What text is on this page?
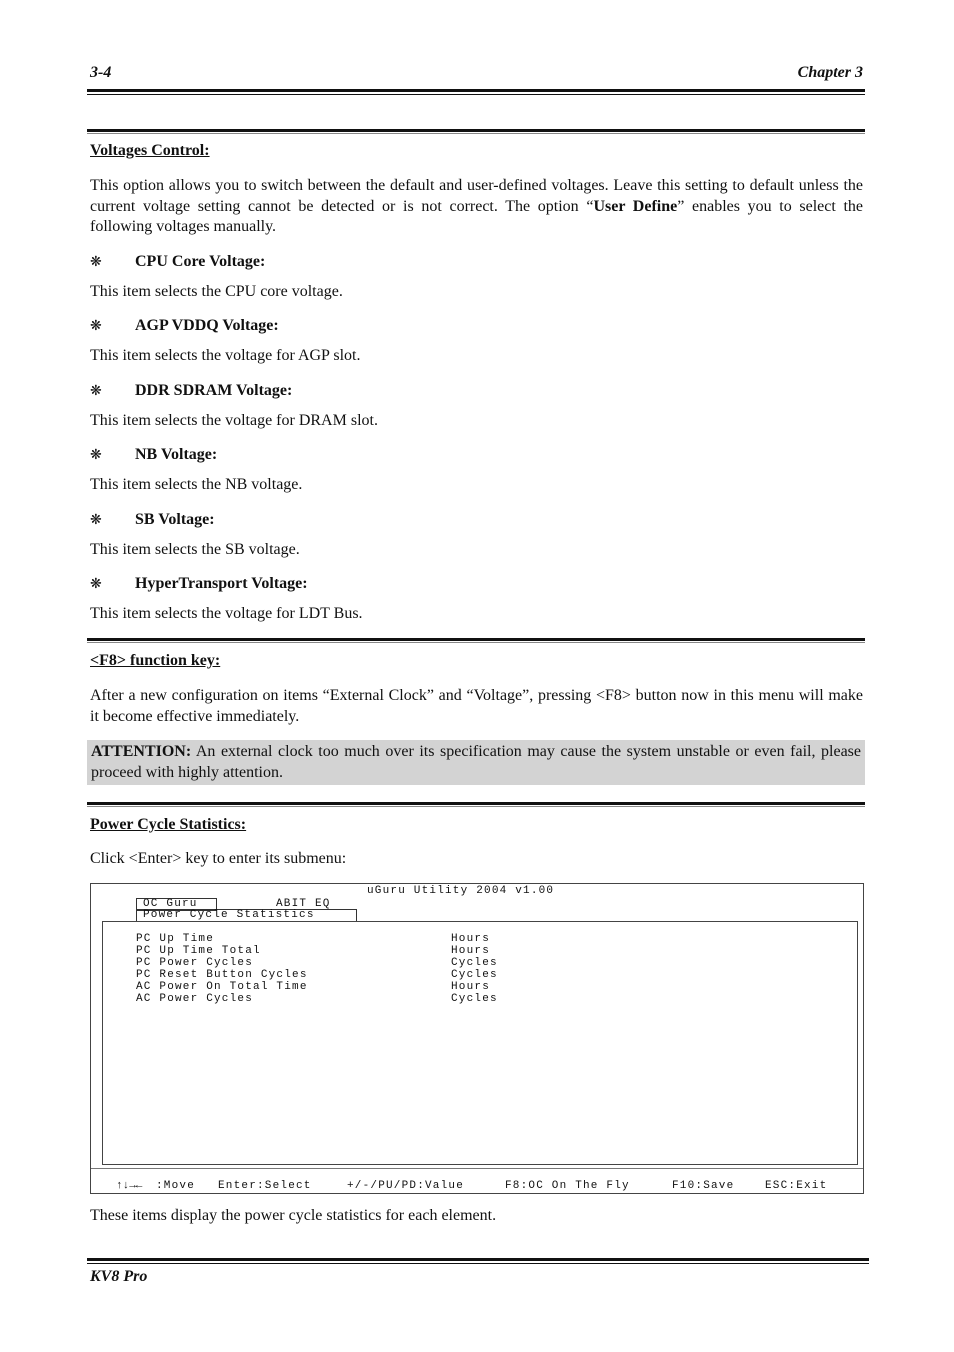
3-4	Chapter 3
Voltages Control:

This option allows you to switch between the default and user-defined voltages. Leave this setting to default unless the current voltage setting cannot be detected or is not correct. The option “User Define” enables you to select the following voltages manually.

❋ CPU Core Voltage:
This item selects the CPU core voltage.
❋ AGP VDDQ Voltage:
This item selects the voltage for AGP slot.
❋ DDR SDRAM Voltage:
This item selects the voltage for DRAM slot.
❋ NB Voltage:
This item selects the NB voltage.
❋ SB Voltage:
This item selects the SB voltage.
❋ HyperTransport Voltage:
This item selects the voltage for LDT Bus.
<F8> function key:
After a new configuration on items “External Clock” and “Voltage”, pressing <F8> button now in this menu will make it become effective immediately.
ATTENTION: An external clock too much over its specification may cause the system unstable or even fail, please proceed with highly attention.
Power Cycle Statistics:
Click <Enter> key to enter its submenu:
uGuru Utility 2004 v1.00
OC Guru	ABIT EQ
Power Cycle Statistics
PC Up Time	Hours
PC Up Time Total	Hours
PC Power Cycles	Cycles
PC Reset Button Cycles	Cycles
AC Power On Total Time	Hours
AC Power Cycles	Cycles
↑↓→← :Move Enter:Select	+/-/PU/PD:Value	F8:OC On The Fly	F10:Save	ESC:Exit
These items display the power cycle statistics for each element.
KV8 Pro
